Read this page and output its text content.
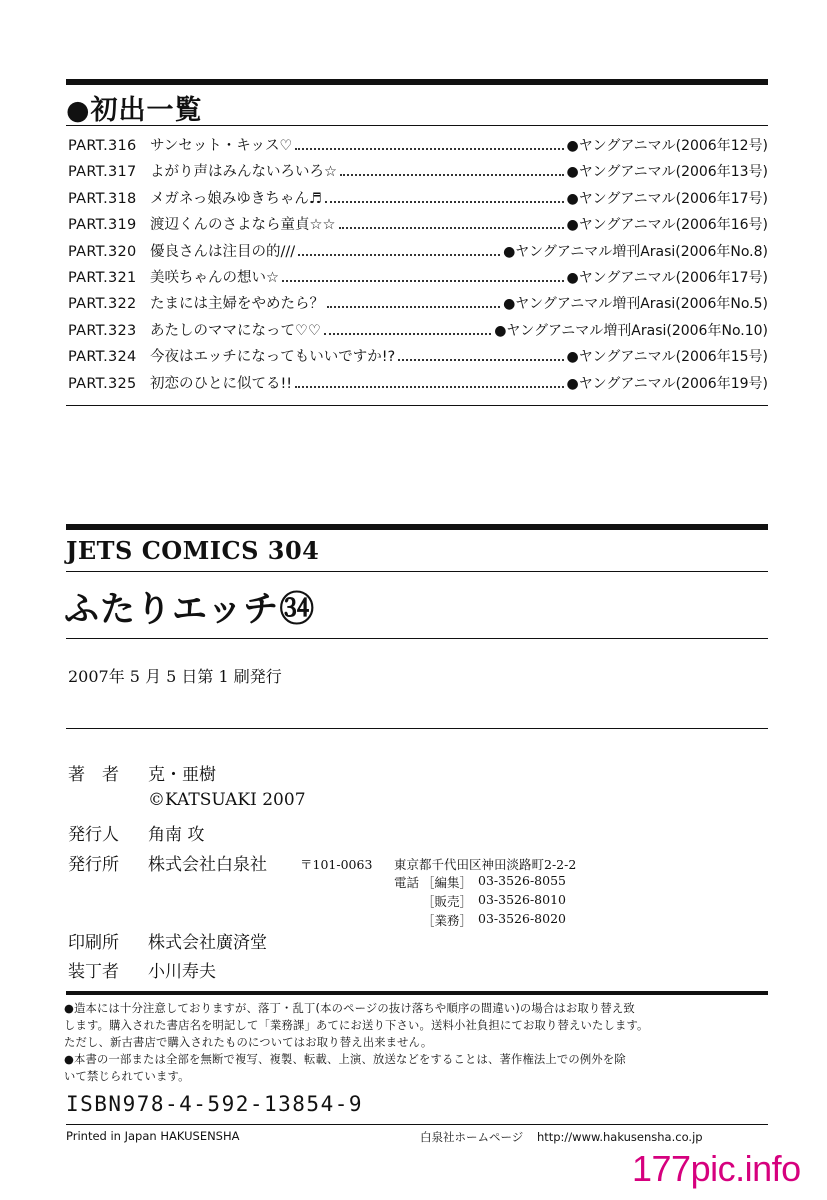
●初出一覧
PART.316 サンセット・キッス♡	●ヤングアニマル(2006年12号)
PART.317 よがり声はみんないろいろ☆	●ヤングアニマル(2006年13号)
PART.318 メガネっ娘みゆきちゃん♬	●ヤングアニマル(2006年17号)
PART.319 渡辺くんのさよなら童貞☆☆	●ヤングアニマル(2006年16号)
PART.320 優良さんは注目の的///	●ヤングアニマル増刊Arasi(2006年No.8)
PART.321 美咲ちゃんの想い☆	●ヤングアニマル(2006年17号)
PART.322 たまには主婦をやめたら？	●ヤングアニマル増刊Arasi(2006年No.5)
PART.323 あたしのママになって♡♡	●ヤングアニマル増刊Arasi(2006年No.10)
PART.324 今夜はエッチになってもいいですか!?	●ヤングアニマル(2006年15号)
PART.325 初恋のひとに似てる!!	●ヤングアニマル(2006年19号)
JETS COMICS 304
ふたりエッチ㉞
2007年 5 月 5 日第 1 刷発行
著　者 克・亜樹
©KATSUAKI 2007
発行人 角南 攻
発行所 株式会社白泉社	〒101-0063 東京都千代田区神田淡路町2-2-2
電話 ［編集］ 03-3526-8055
［販売］ 03-3526-8010
［業務］ 03-3526-8020
印刷所 株式会社廣済堂
装丁者 小川寿夫
●造本には十分注意しておりますが、落丁・乱丁(本のページの抜け落ちや順序の間違い)の場合はお取り替え致
します。購入された書店名を明記して「業務課」あてにお送り下さい。送料小社負担にてお取り替えいたします。
ただし、新古書店で購入されたものについてはお取り替え出来ません。
●本書の一部または全部を無断で複写、複製、転載、上演、放送などをすることは、著作権法上での例外を除
いて禁じられています。
ISBN978-4-592-13854-9
Printed in Japan HAKUSENSHA	白泉社ホームページ http://www.hakusensha.co.jp
177pic.info
